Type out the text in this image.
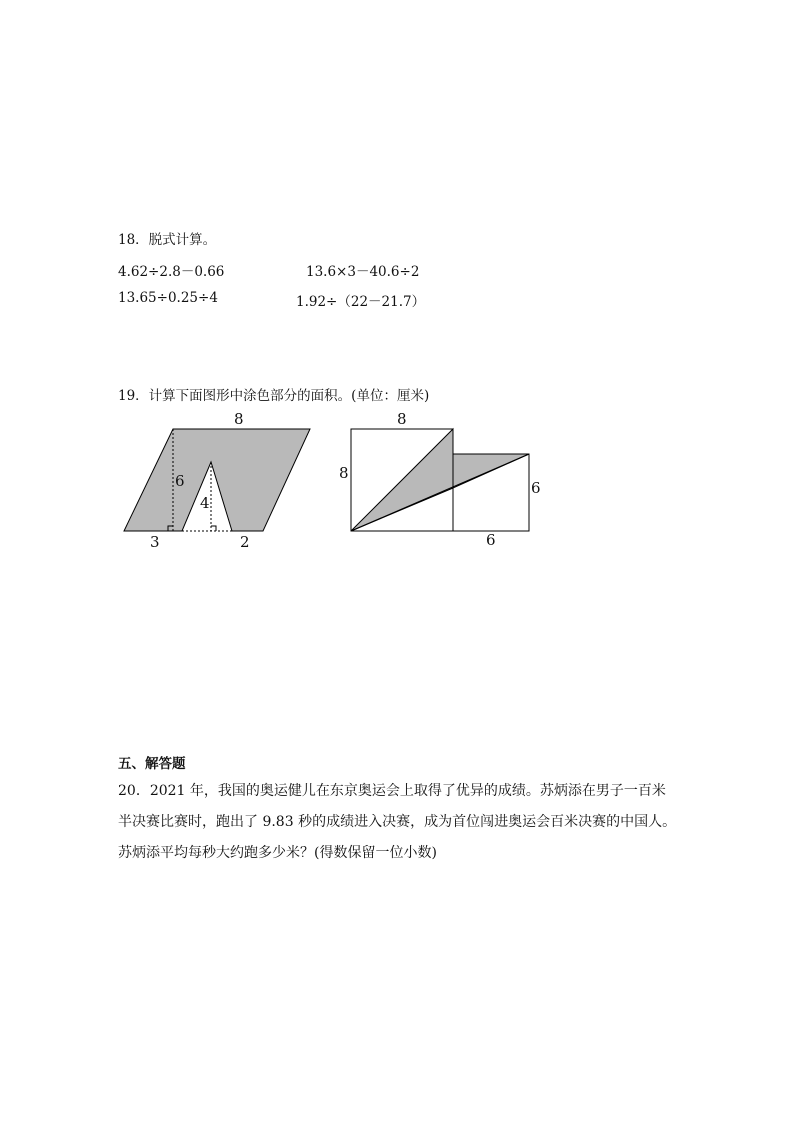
18．脱式计算。
4.62÷2.8－0.66	13.6×3－40.6÷2
13.65÷0.25÷4	1.92÷（22－21.7）
19．计算下面图形中涂色部分的面积。(单位：厘米)
8
6
4
3	2
8
8
6
6
五、解答题
20．2021 年，我国的奥运健儿在东京奥运会上取得了优异的成绩。苏炳添在男子一百米半决赛比赛时，跑出了 9.83 秒的成绩进入决赛，成为首位闯进奥运会百米决赛的中国人。苏炳添平均每秒大约跑多少米？(得数保留一位小数)
